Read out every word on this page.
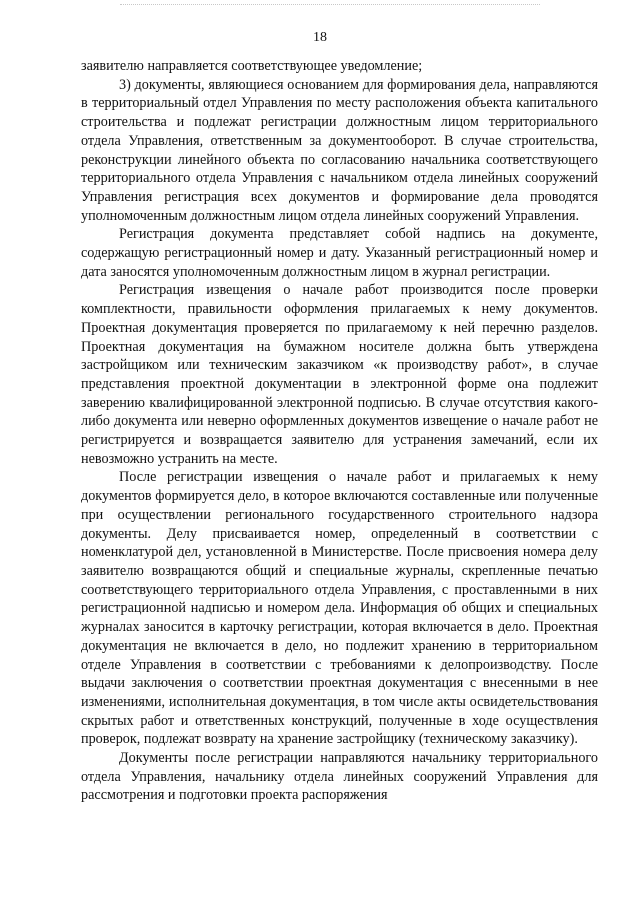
18

заявителю направляется соответствующее уведомление;

3) документы, являющиеся основанием для формирования дела, направляются в территориальный отдел Управления по месту расположения объекта капитального строительства и подлежат регистрации должностным лицом территориального отдела Управления, ответственным за документооборот. В случае строительства, реконструкции линейного объекта по согласованию начальника соответствующего территориального отдела Управления с начальником отдела линейных сооружений Управления регистрация всех документов и формирование дела проводятся уполномоченным должностным лицом отдела линейных сооружений Управления.

Регистрация документа представляет собой надпись на документе, содержащую регистрационный номер и дату. Указанный регистрационный номер и дата заносятся уполномоченным должностным лицом в журнал регистрации.

Регистрация извещения о начале работ производится после проверки комплектности, правильности оформления прилагаемых к нему документов. Проектная документация проверяется по прилагаемому к ней перечню разделов. Проектная документация на бумажном носителе должна быть утверждена застройщиком или техническим заказчиком «к производству работ», в случае представления проектной документации в электронной форме она подлежит заверению квалифицированной электронной подписью. В случае отсутствия какого-либо документа или неверно оформленных документов извещение о начале работ не регистрируется и возвращается заявителю для устранения замечаний, если их невозможно устранить на месте.

После регистрации извещения о начале работ и прилагаемых к нему документов формируется дело, в которое включаются составленные или полученные при осуществлении регионального государственного строительного надзора документы. Делу присваивается номер, определенный в соответствии с номенклатурой дел, установленной в Министерстве. После присвоения номера делу заявителю возвращаются общий и специальные журналы, скрепленные печатью соответствующего территориального отдела Управления, с проставленными в них регистрационной надписью и номером дела. Информация об общих и специальных журналах заносится в карточку регистрации, которая включается в дело. Проектная документация не включается в дело, но подлежит хранению в территориальном отделе Управления в соответствии с требованиями к делопроизводству. После выдачи заключения о соответствии проектная документация с внесенными в нее изменениями, исполнительная документация, в том числе акты освидетельствования скрытых работ и ответственных конструкций, полученные в ходе осуществления проверок, подлежат возврату на хранение застройщику (техническому заказчику).

Документы после регистрации направляются начальнику территориального отдела Управления, начальнику отдела линейных сооружений Управления для рассмотрения и подготовки проекта распоряжения
